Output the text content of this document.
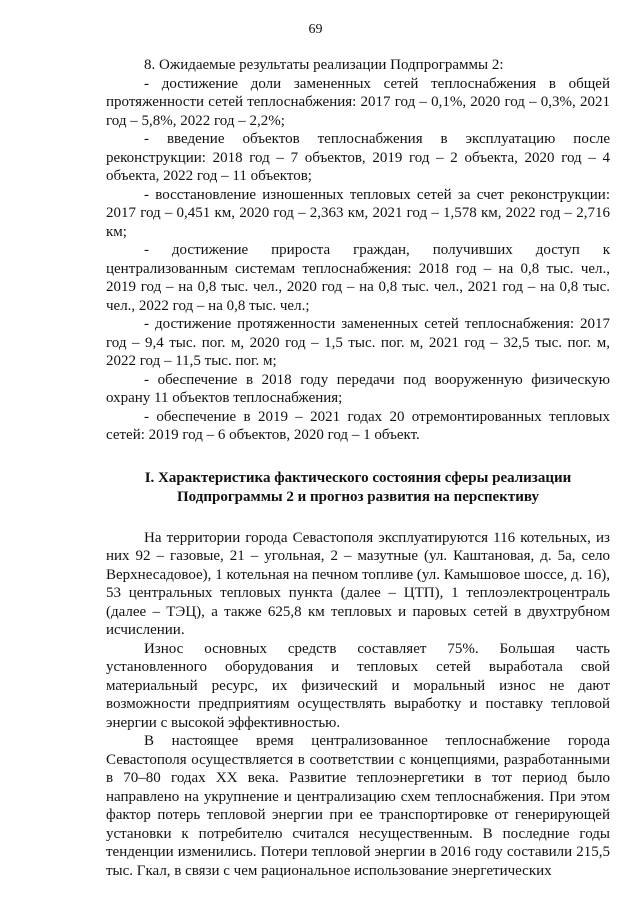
69

8. Ожидаемые результаты реализации Подпрограммы 2:

- достижение доли замененных сетей теплоснабжения в общей протяженности сетей теплоснабжения: 2017 год – 0,1%, 2020 год – 0,3%, 2021 год – 5,8%, 2022 год – 2,2%;

- введение объектов теплоснабжения в эксплуатацию после реконструкции: 2018 год – 7 объектов, 2019 год – 2 объекта, 2020 год – 4 объекта, 2022 год – 11 объектов;

- восстановление изношенных тепловых сетей за счет реконструкции: 2017 год – 0,451 км, 2020 год – 2,363 км, 2021 год – 1,578 км, 2022 год – 2,716 км;

- достижение прироста граждан, получивших доступ к централизованным системам теплоснабжения: 2018 год – на 0,8 тыс. чел., 2019 год – на 0,8 тыс. чел., 2020 год – на 0,8 тыс. чел., 2021 год – на 0,8 тыс. чел., 2022 год – на 0,8 тыс. чел.;

- достижение протяженности замененных сетей теплоснабжения: 2017 год – 9,4 тыс. пог. м, 2020 год – 1,5 тыс. пог. м, 2021 год – 32,5 тыс. пог. м, 2022 год – 11,5 тыс. пог. м;

- обеспечение в 2018 году передачи под вооруженную физическую охрану 11 объектов теплоснабжения;

- обеспечение в 2019 – 2021 годах 20 отремонтированных тепловых сетей: 2019 год – 6 объектов, 2020 год – 1 объект.

I. Характеристика фактического состояния сферы реализации
Подпрограммы 2 и прогноз развития на перспективу

На территории города Севастополя эксплуатируются 116 котельных, из них 92 – газовые, 21 – угольная, 2 – мазутные (ул. Каштановая, д. 5а, село Верхнесадовое), 1 котельная на печном топливе (ул. Камышовое шоссе, д. 16), 53 центральных тепловых пункта (далее – ЦТП), 1 теплоэлектроцентраль (далее – ТЭЦ), а также 625,8 км тепловых и паровых сетей в двухтрубном исчислении.

Износ основных средств составляет 75%. Большая часть установленного оборудования и тепловых сетей выработала свой материальный ресурс, их физический и моральный износ не дают возможности предприятиям осуществлять выработку и поставку тепловой энергии с высокой эффективностью.

В настоящее время централизованное теплоснабжение города Севастополя осуществляется в соответствии с концепциями, разработанными в 70–80 годах XX века. Развитие теплоэнергетики в тот период было направлено на укрупнение и централизацию схем теплоснабжения. При этом фактор потерь тепловой энергии при ее транспортировке от генерирующей установки к потребителю считался несущественным. В последние годы тенденции изменились. Потери тепловой энергии в 2016 году составили 215,5 тыс. Гкал, в связи с чем рациональное использование энергетических
